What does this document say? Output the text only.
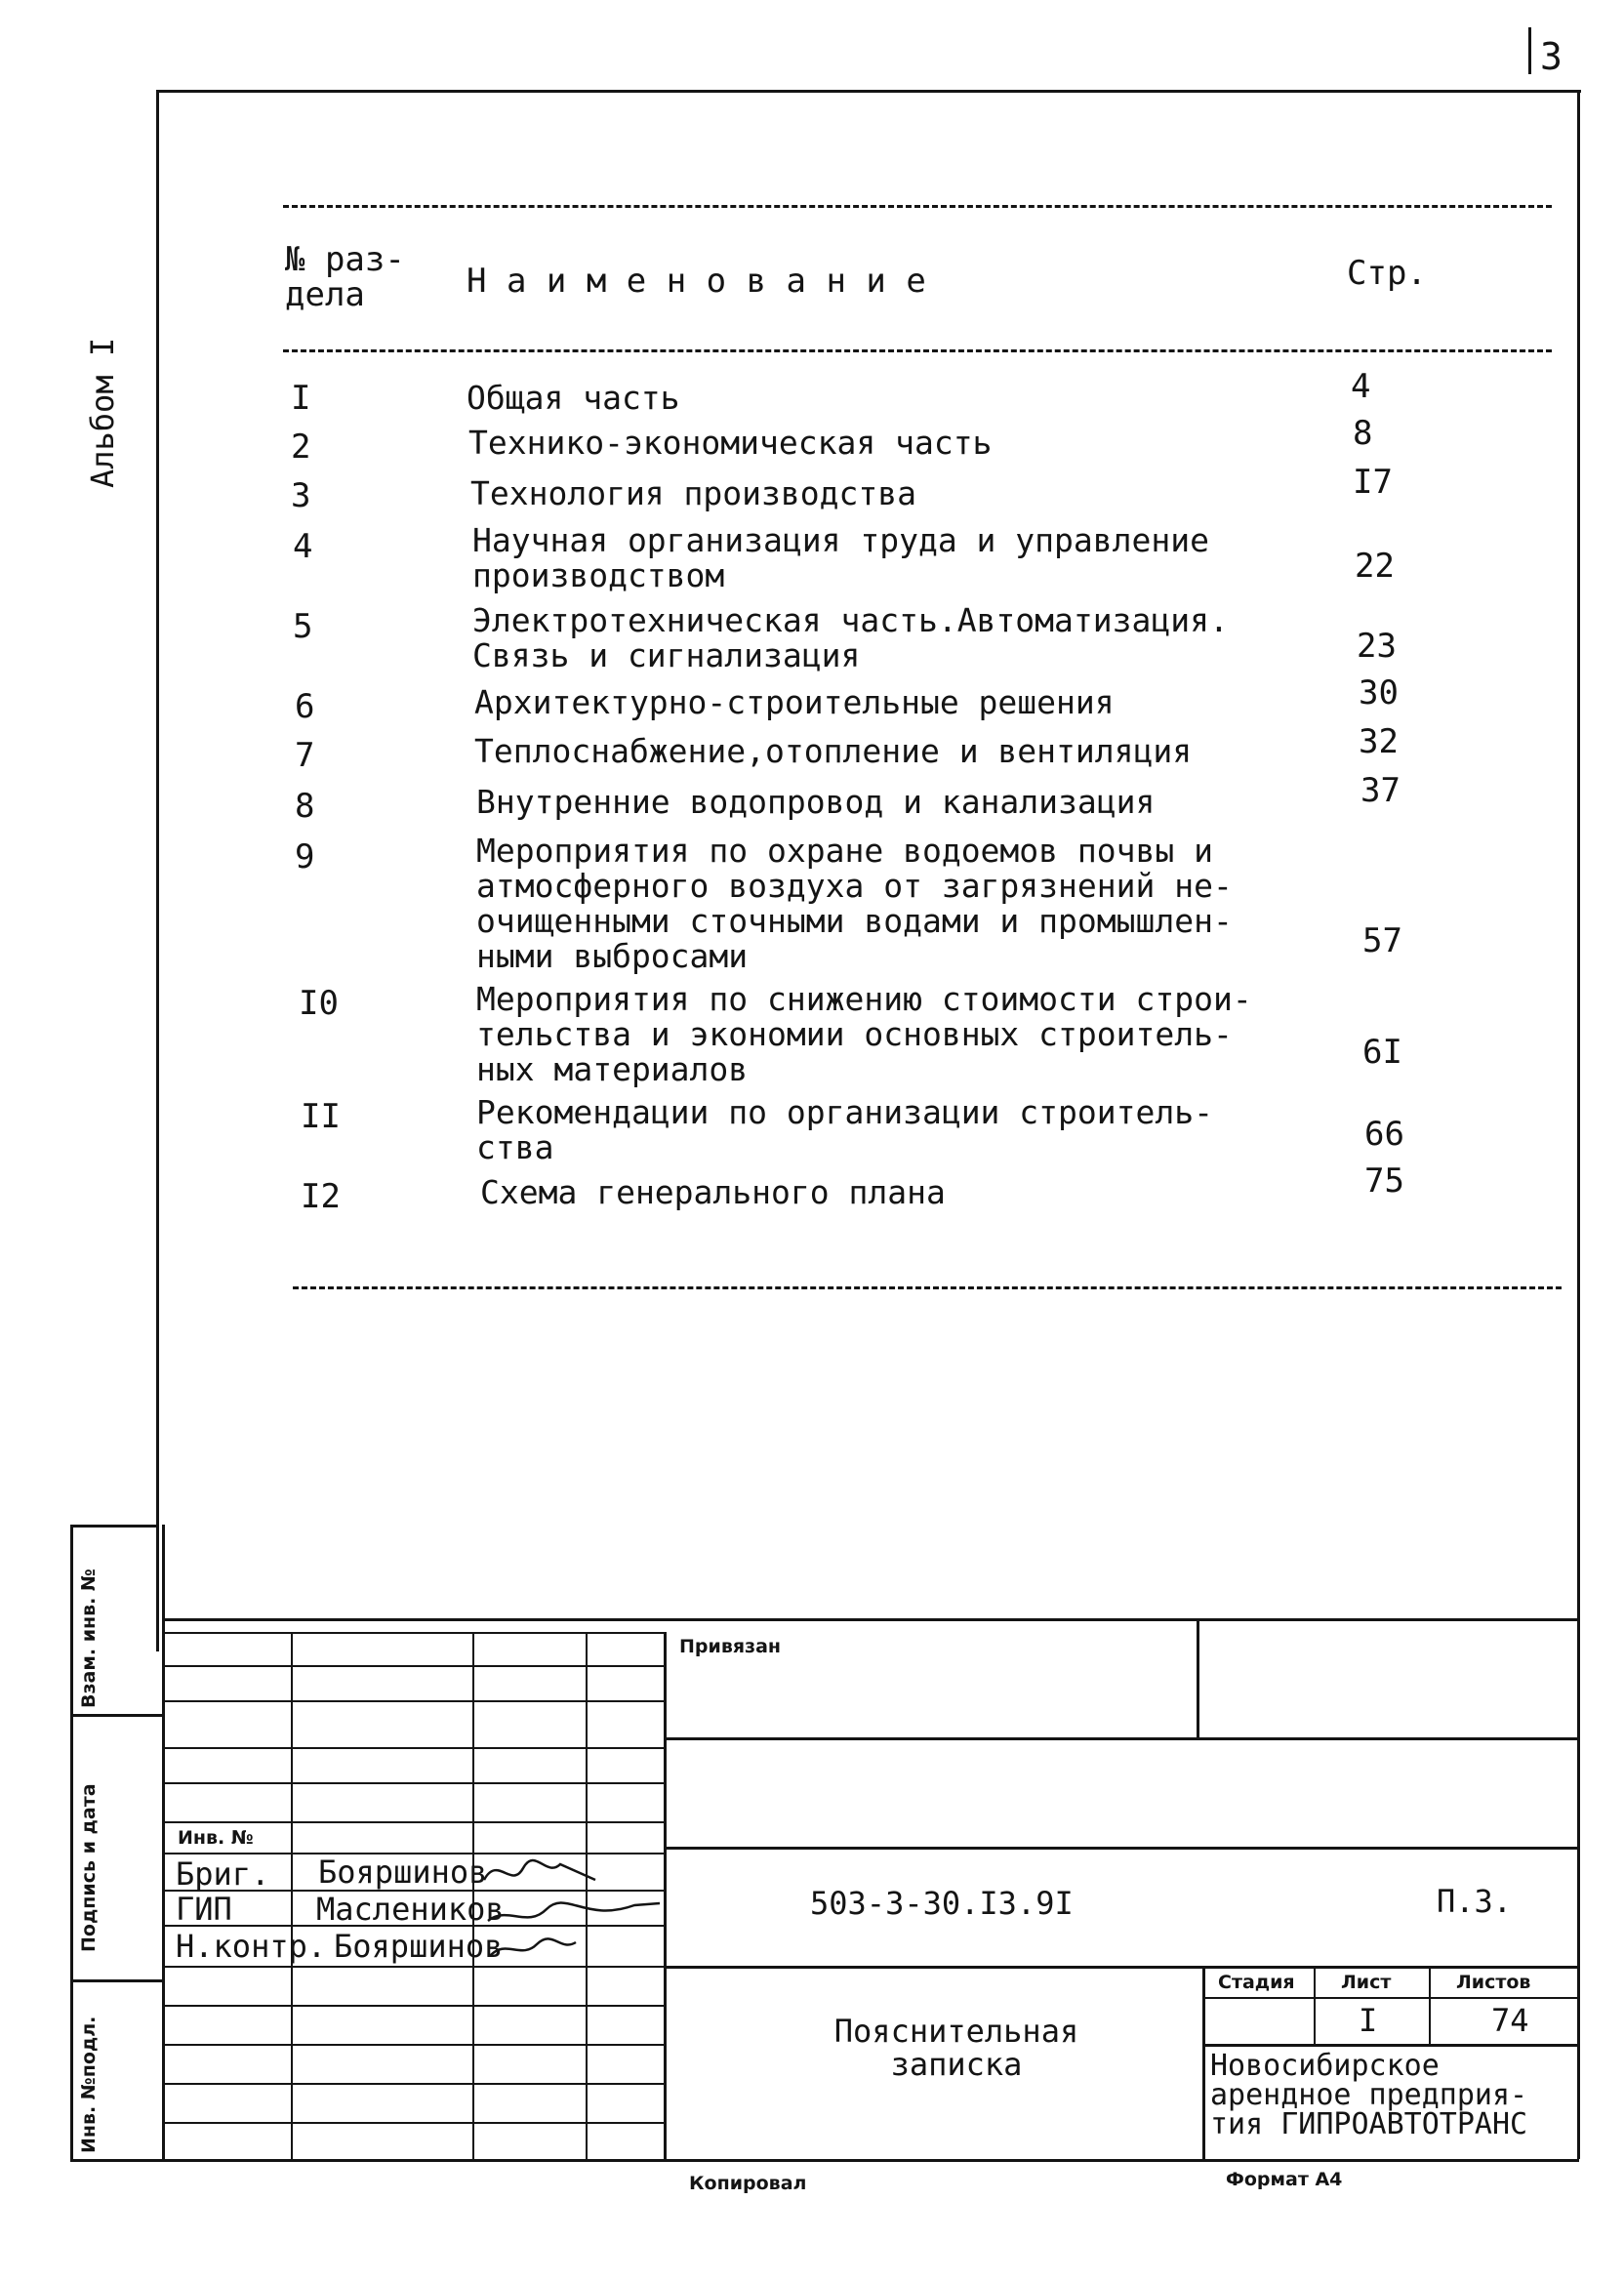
3
Альбом I
№ раз-
дела	Н а и м е н о в а н и е	Стр.
I	Общая часть	4
2	Технико-экономическая часть	8
3	Технология производства	I7
4	Научная организация труда и управление
производством	22
5	Электротехническая часть.Автоматизация.
Связь и сигнализация	23
6	Архитектурно-строительные решения	30
7	Теплоснабжение,отопление и вентиляция	32
8	Внутренние водопровод и канализация	37
9	Мероприятия по охране водоемов почвы и
атмосферного воздуха от загрязнений не-
очищенными сточными водами и промышлен-
ными выбросами	57
I0	Мероприятия по снижению стоимости строи-
тельства и экономии основных строитель-
ных материалов	6I
II	Рекомендации по организации строитель-
ства	66
I2	Схема генерального плана	75
Взам. инв. №
Подпись и дата
Инв. №подл.
Привязан
Инв. №
Бриг. Бояршинов
ГИП	Маслеников
Н.контр. Бояршинов
503-3-30.I3.9I	П.3.
Пояснительная
записка
Стадия Лист	Листов
I	74
Новосибирское
арендное предприя-
тия ГИПРОАВТОТРАНС
Копировал	Формат А4
